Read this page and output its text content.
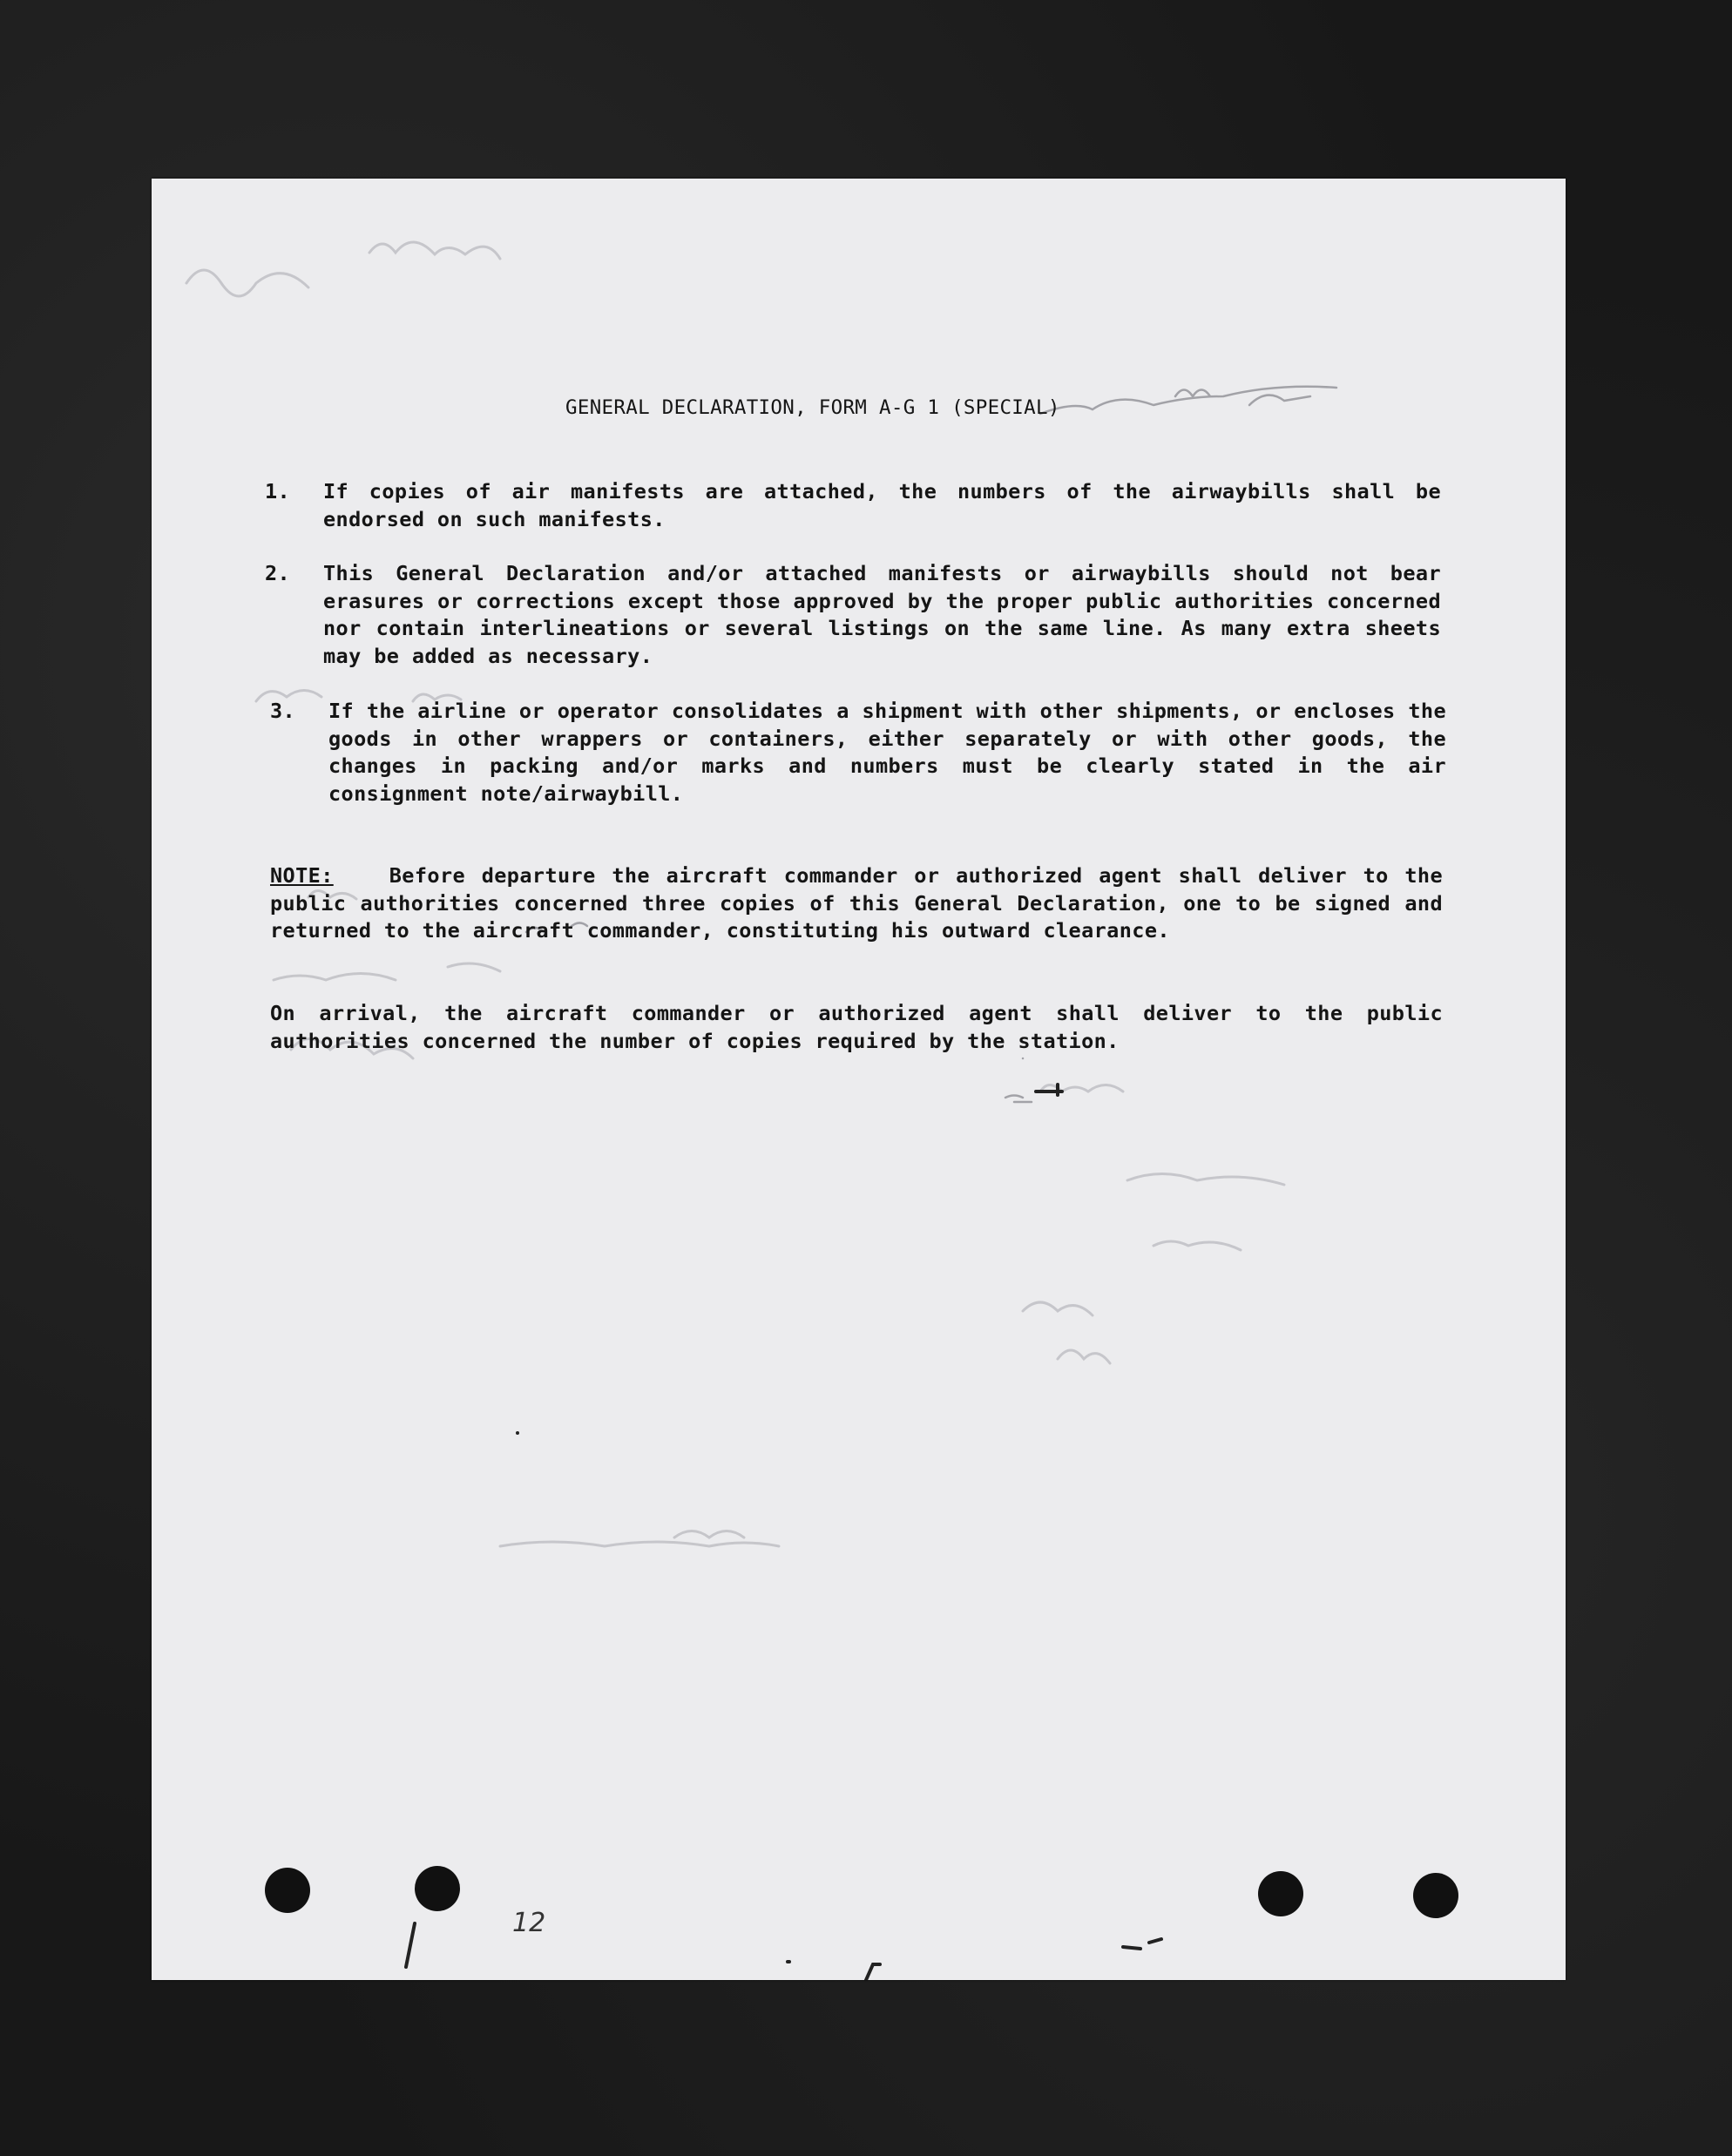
GENERAL DECLARATION, FORM A-G 1 (SPECIAL)
1. If copies of air manifests are attached, the numbers of the airwaybills shall be endorsed on such manifests.
2. This General Declaration and/or attached manifests or airwaybills should not bear erasures or corrections except those approved by the proper public authorities concerned nor contain interlineations or several listings on the same line. As many extra sheets may be added as necessary.
3. If the airline or operator consolidates a shipment with other shipments, or encloses the goods in other wrappers or containers, either separately or with other goods, the changes in packing and/or marks and numbers must be clearly stated in the air consignment note/airwaybill.
NOTE:	Before departure the aircraft commander or authorized agent shall deliver to the public authorities concerned three copies of this General Declaration, one to be signed and returned to the aircraft commander, constituting his outward clearance.
On arrival, the aircraft commander or authorized agent shall deliver to the public authorities concerned the number of copies required by the station.
12
